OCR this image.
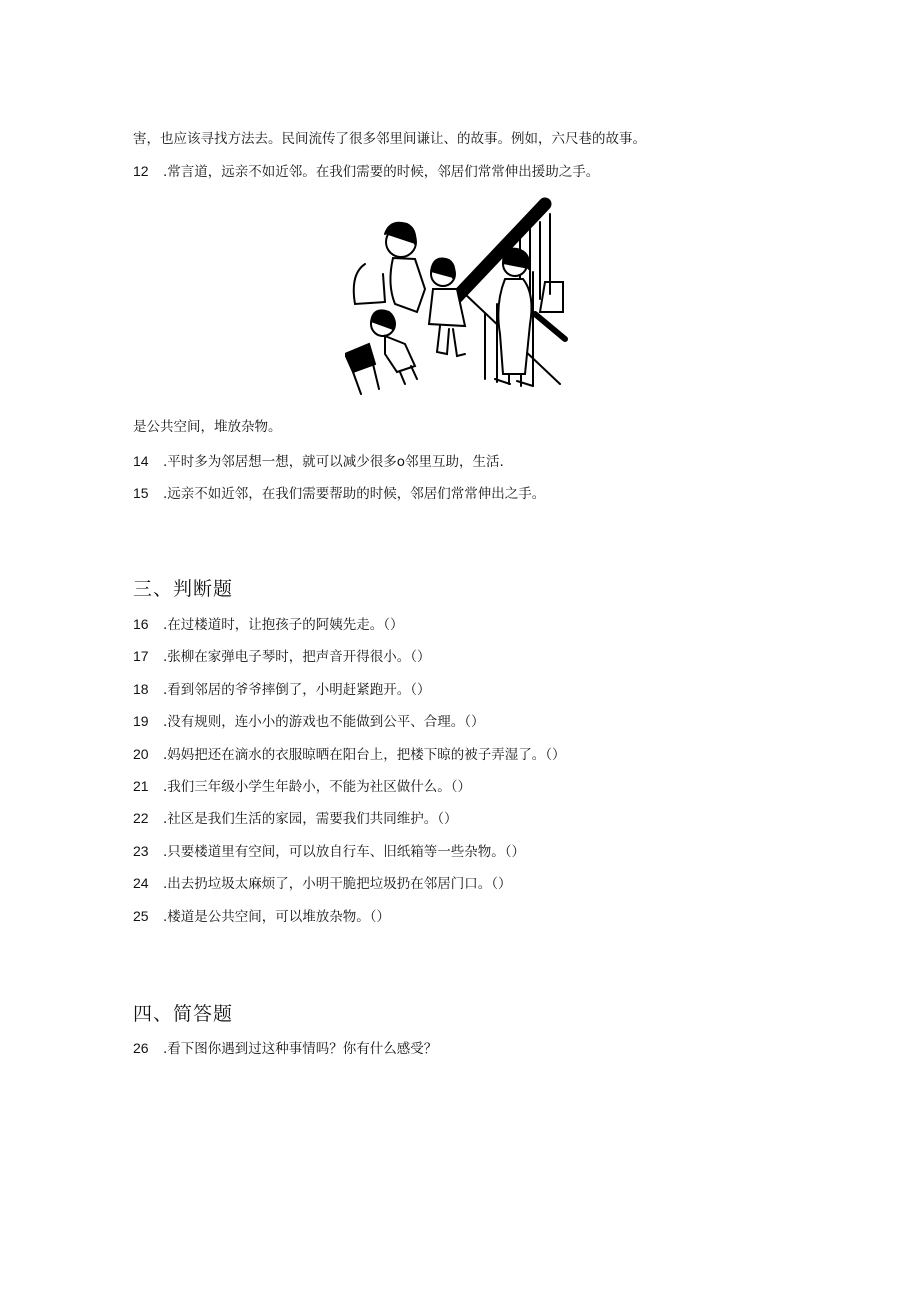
害，也应该寻找方法去。民间流传了很多邻里间谦让、的故事。例如，六尺巷的故事。
12 .常言道，远亲不如近邻。在我们需要的时候，邻居们常常伸出援助之手。
是公共空间，堆放杂物。
14 .平时多为邻居想一想，就可以减少很多o邻里互助，生活.
15 .远亲不如近邻，在我们需要帮助的时候，邻居们常常伸出之手。
三、判断题
16 .在过楼道时，让抱孩子的阿姨先走。（）
17 .张柳在家弹电子琴时，把声音开得很小。（）
18 .看到邻居的爷爷摔倒了，小明赶紧跑开。（）
19 .没有规则，连小小的游戏也不能做到公平、合理。（）
20 .妈妈把还在滴水的衣服晾晒在阳台上，把楼下晾的被子弄湿了。（）
21 .我们三年级小学生年龄小，不能为社区做什么。（）
22 .社区是我们生活的家园，需要我们共同维护。（）
23 .只要楼道里有空间，可以放自行车、旧纸箱等一些杂物。（）
24 .出去扔垃圾太麻烦了，小明干脆把垃圾扔在邻居门口。（）
25 .楼道是公共空间，可以堆放杂物。（）
四、简答题
26 .看下图你遇到过这种事情吗？你有什么感受？
